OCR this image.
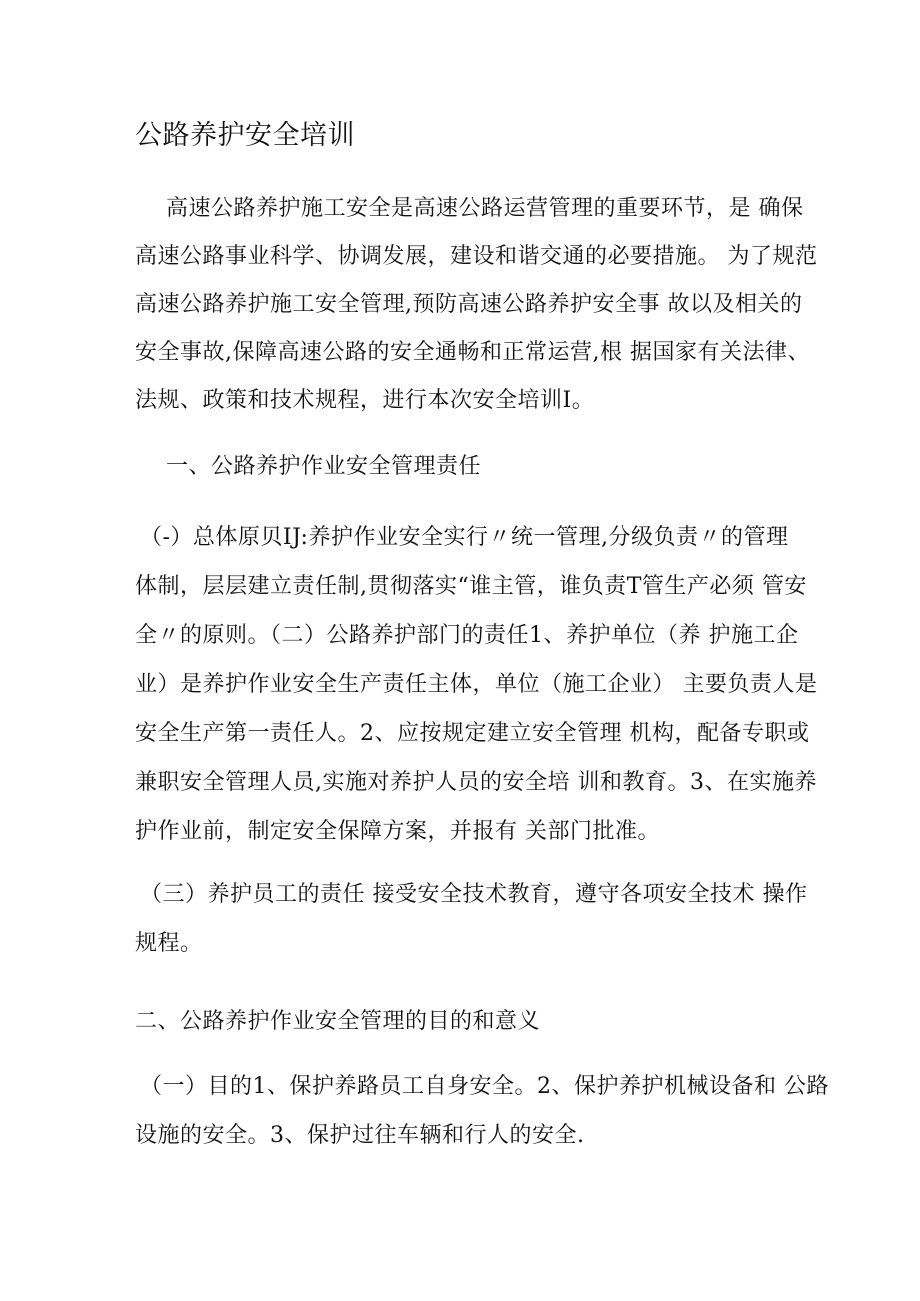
公路养护安全培训
高速公路养护施工安全是高速公路运营管理的重要环节，是 确保
高速公路事业科学、协调发展，建设和谐交通的必要措施。 为了规范
高速公路养护施工安全管理,预防高速公路养护安全事 故以及相关的
安全事故,保障高速公路的安全通畅和正常运营,根 据国家有关法律、
法规、政策和技术规程，进行本次安全培训I。
一、公路养护作业安全管理责任
（-）总体原贝IJ:养护作业安全实行〃统一管理,分级负责〃的管理
体制，层层建立责任制,贯彻落实“谁主管，谁负责T管生产必须 管安
全〃的原则。（二）公路养护部门的责任1、养护单位（养 护施工企
业）是养护作业安全生产责任主体，单位（施工企业） 主要负责人是
安全生产第一责任人。2、应按规定建立安全管理 机构，配备专职或
兼职安全管理人员,实施对养护人员的安全培 训和教育。3、在实施养
护作业前，制定安全保障方案，并报有 关部门批准。
（三）养护员工的责任 接受安全技术教育，遵守各项安全技术 操作
规程。
二、公路养护作业安全管理的目的和意义
（一）目的1、保护养路员工自身安全。2、保护养护机械设备和 公路
设施的安全。3、保护过往车辆和行人的安全.
